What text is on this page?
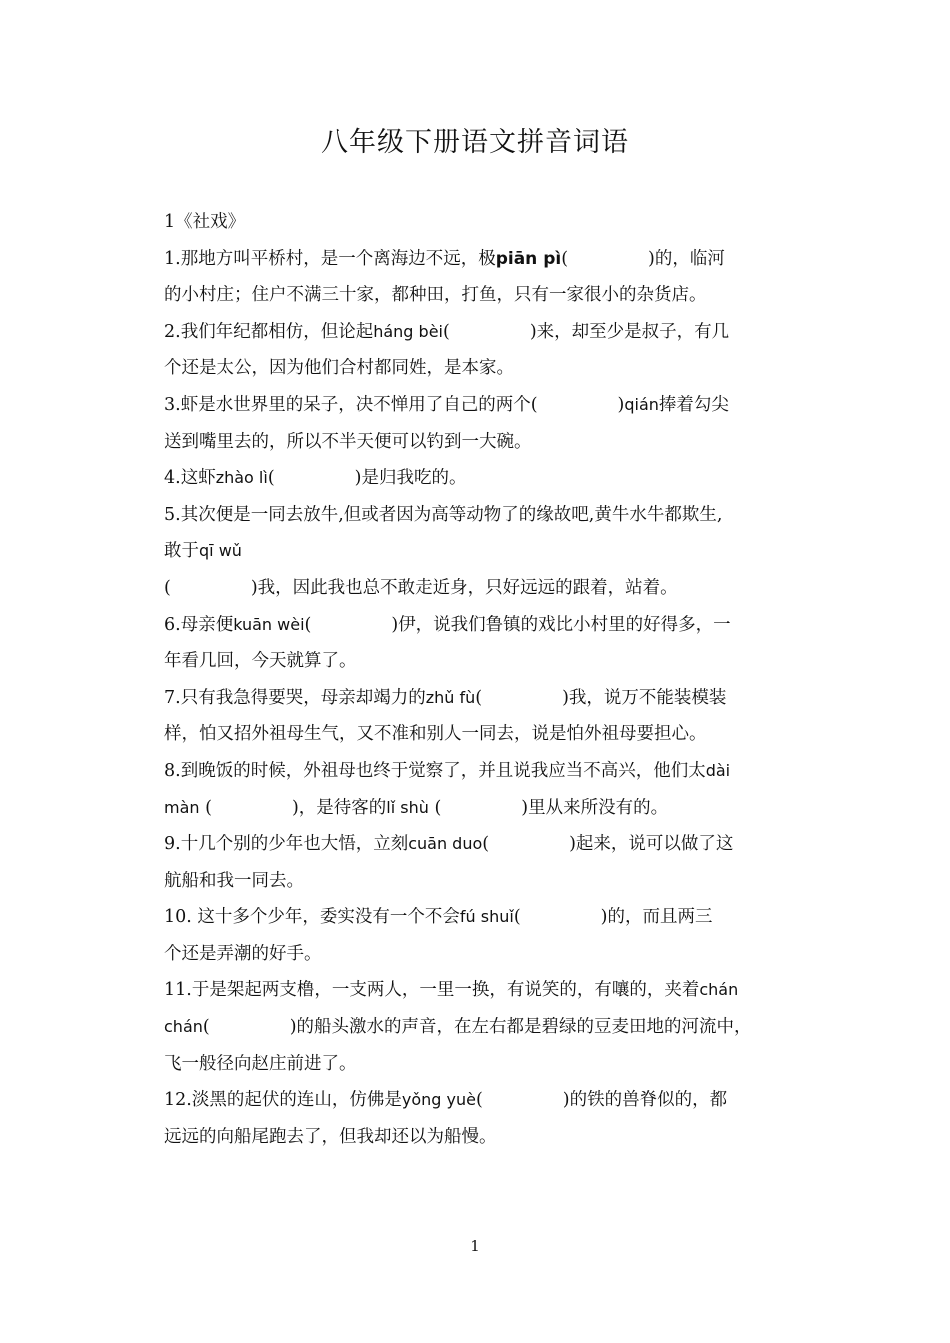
八年级下册语文拼音词语
1《社戏》
1.那地方叫平桥村，是一个离海边不远，极piān pì(	)的，临河
的小村庄；住户不满三十家，都种田，打鱼，只有一家很小的杂货店。
2.我们年纪都相仿，但论起háng bèi(	)来，却至少是叔子，有几
个还是太公，因为他们合村都同姓，是本家。
3.虾是水世界里的呆子，决不惮用了自己的两个(	)qián捧着勾尖
送到嘴里去的，所以不半天便可以钓到一大碗。
4.这虾zhào lì(	)是归我吃的。
5.其次便是一同去放牛,但或者因为高等动物了的缘故吧,黄牛水牛都欺生,
敢于qī wǔ
(	)我，因此我也总不敢走近身，只好远远的跟着，站着。
6.母亲便kuān wèi(	)伊，说我们鲁镇的戏比小村里的好得多，一
年看几回，今天就算了。
7.只有我急得要哭，母亲却竭力的zhǔ fù(	)我，说万不能装模装
样，怕又招外祖母生气，又不准和别人一同去，说是怕外祖母要担心。
8.到晚饭的时候，外祖母也终于觉察了，并且说我应当不高兴，他们太dài
màn (	)，是待客的lǐ shù (	)里从来所没有的。
9.十几个别的少年也大悟，立刻cuān duo(	)起来，说可以做了这
航船和我一同去。
10. 这十多个少年，委实没有一个不会fú shuǐ(	)的，而且两三
个还是弄潮的好手。
11.于是架起两支橹，一支两人，一里一换，有说笑的，有嚷的，夹着chán
chán(	)的船头激水的声音，在左右都是碧绿的豆麦田地的河流中，
飞一般径向赵庄前进了。
12.淡黑的起伏的连山，仿佛是yǒng yuè(	)的铁的兽脊似的，都
远远的向船尾跑去了，但我却还以为船慢。
1
